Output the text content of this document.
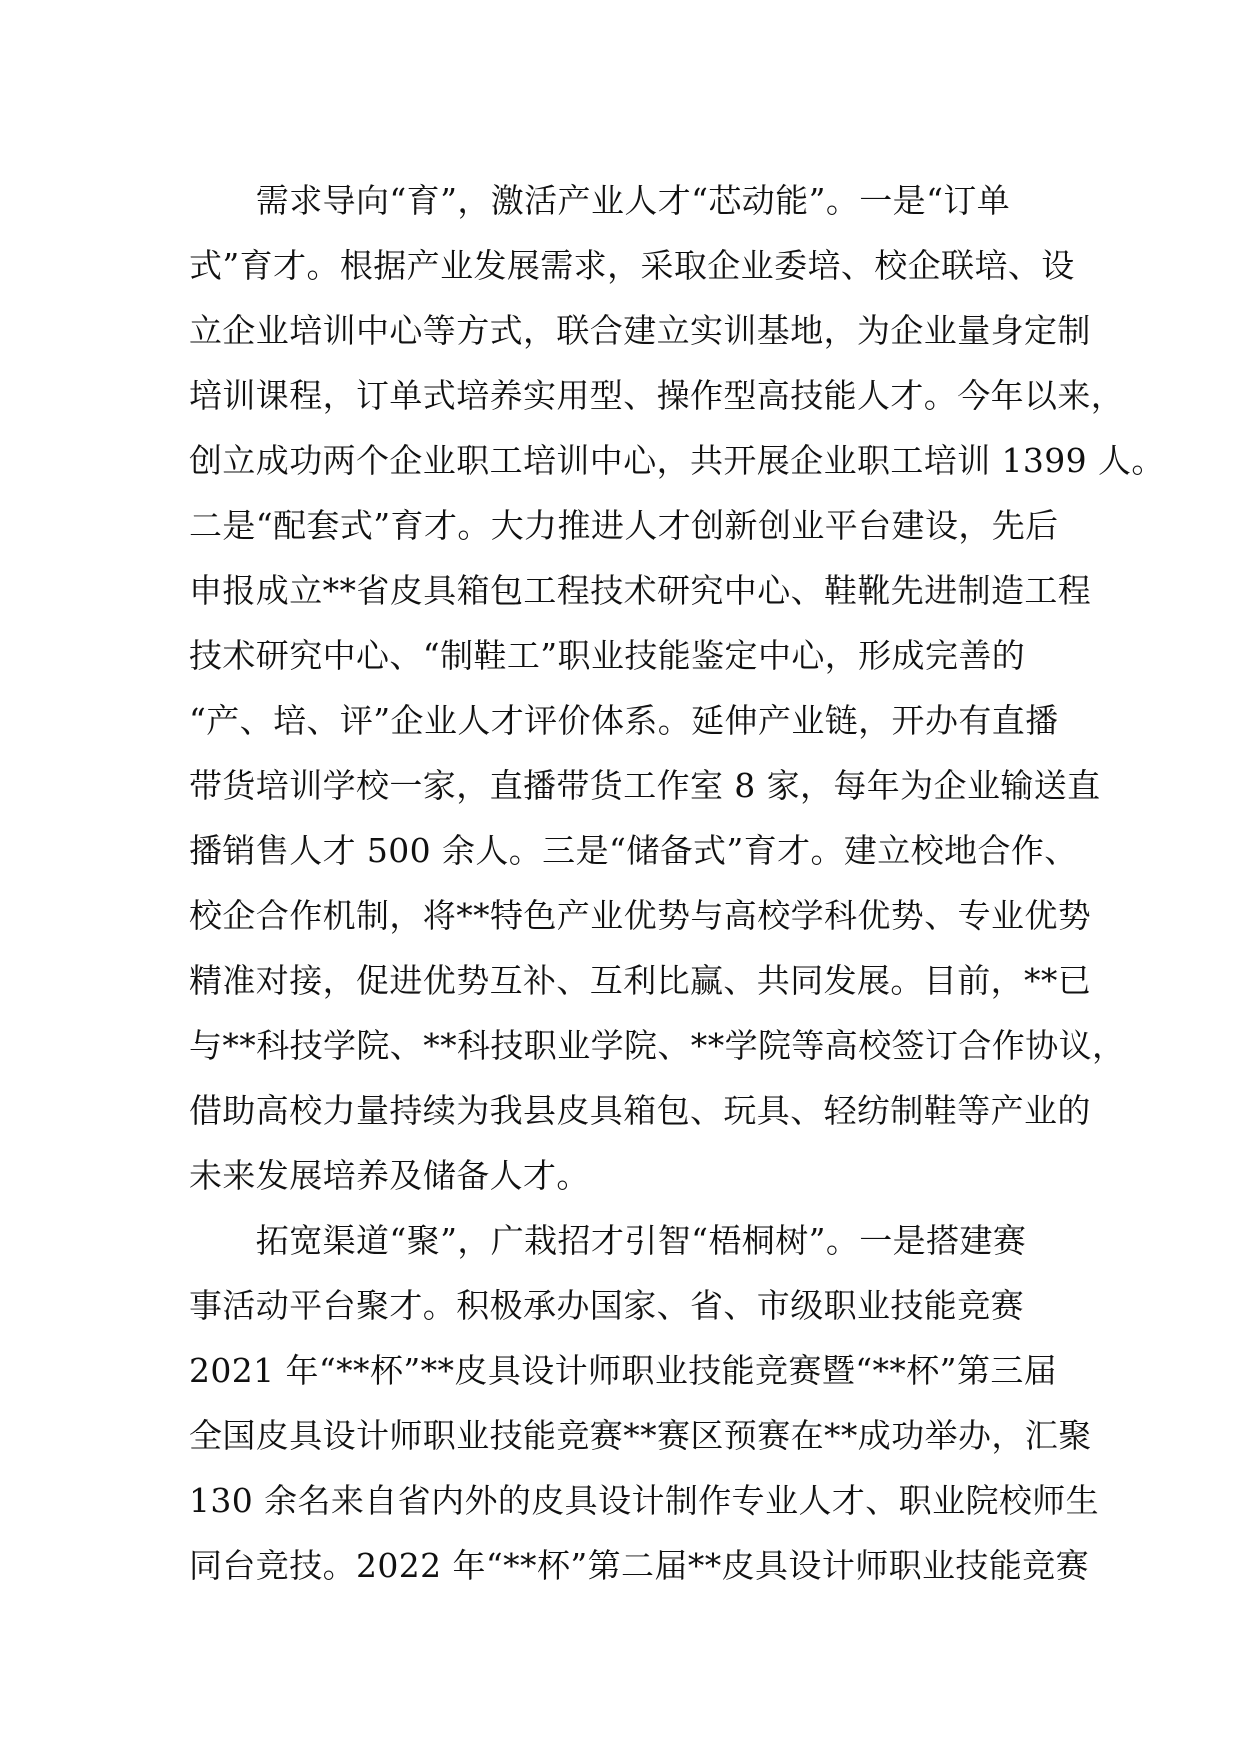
　　需求导向“育”，激活产业人才“芯动能”。一是“订单
式”育才。根据产业发展需求，采取企业委培、校企联培、设
立企业培训中心等方式，联合建立实训基地，为企业量身定制
培训课程，订单式培养实用型、操作型高技能人才。今年以来，
创立成功两个企业职工培训中心，共开展企业职工培训 1399 人。
二是“配套式”育才。大力推进人才创新创业平台建设，先后
申报成立**省皮具箱包工程技术研究中心、鞋靴先进制造工程
技术研究中心、“制鞋工”职业技能鉴定中心，形成完善的
“产、培、评”企业人才评价体系。延伸产业链，开办有直播
带货培训学校一家，直播带货工作室 8 家，每年为企业输送直
播销售人才 500 余人。三是“储备式”育才。建立校地合作、
校企合作机制，将**特色产业优势与高校学科优势、专业优势
精准对接，促进优势互补、互利比赢、共同发展。目前，**已
与**科技学院、**科技职业学院、**学院等高校签订合作协议，
借助高校力量持续为我县皮具箱包、玩具、轻纺制鞋等产业的
未来发展培养及储备人才。
　　拓宽渠道“聚”，广栽招才引智“梧桐树”。一是搭建赛
事活动平台聚才。积极承办国家、省、市级职业技能竞赛
2021 年“**杯”**皮具设计师职业技能竞赛暨“**杯”第三届
全国皮具设计师职业技能竞赛**赛区预赛在**成功举办，汇聚
130 余名来自省内外的皮具设计制作专业人才、职业院校师生
同台竞技。2022 年“**杯”第二届**皮具设计师职业技能竞赛
